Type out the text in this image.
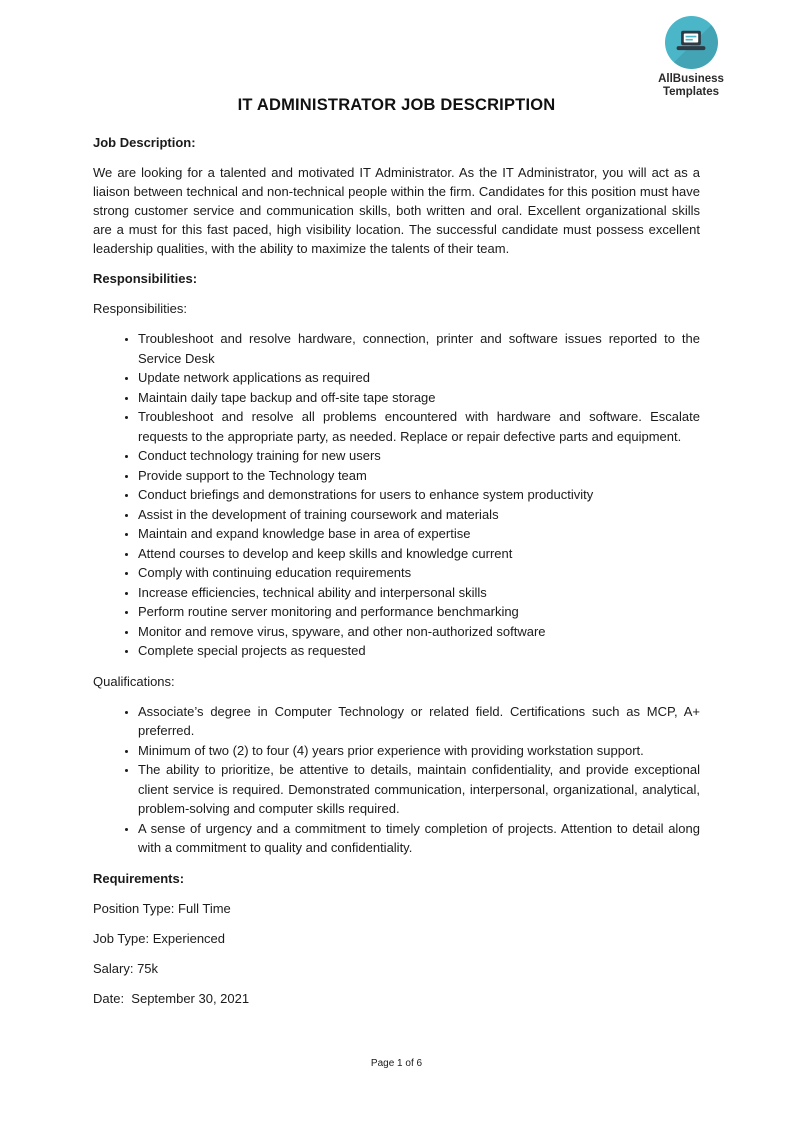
AllBusiness
Templates
IT ADMINISTRATOR JOB DESCRIPTION

Job Description:

We are looking for a talented and motivated IT Administrator. As the IT Administrator, you will act as a liaison between technical and non-technical people within the firm. Candidates for this position must have strong customer service and communication skills, both written and oral. Excellent organizational skills are a must for this fast paced, high visibility location. The successful candidate must possess excellent leadership qualities, with the ability to maximize the talents of their team.

Responsibilities:

Responsibilities:

• Troubleshoot and resolve hardware, connection, printer and software issues reported to the Service Desk
• Update network applications as required
• Maintain daily tape backup and off-site tape storage
• Troubleshoot and resolve all problems encountered with hardware and software. Escalate requests to the appropriate party, as needed. Replace or repair defective parts and equipment.
• Conduct technology training for new users
• Provide support to the Technology team
• Conduct briefings and demonstrations for users to enhance system productivity
• Assist in the development of training coursework and materials
• Maintain and expand knowledge base in area of expertise
• Attend courses to develop and keep skills and knowledge current
• Comply with continuing education requirements
• Increase efficiencies, technical ability and interpersonal skills
• Perform routine server monitoring and performance benchmarking
• Monitor and remove virus, spyware, and other non-authorized software
• Complete special projects as requested

Qualifications:

• Associate’s degree in Computer Technology or related field. Certifications such as MCP, A+ preferred.
• Minimum of two (2) to four (4) years prior experience with providing workstation support.
• The ability to prioritize, be attentive to details, maintain confidentiality, and provide exceptional client service is required. Demonstrated communication, interpersonal, organizational, analytical, problem-solving and computer skills required.
• A sense of urgency and a commitment to timely completion of projects. Attention to detail along with a commitment to quality and confidentiality.

Requirements:

Position Type: Full Time

Job Type: Experienced

Salary: 75k

Date:  September 30, 2021

Page 1 of 6
